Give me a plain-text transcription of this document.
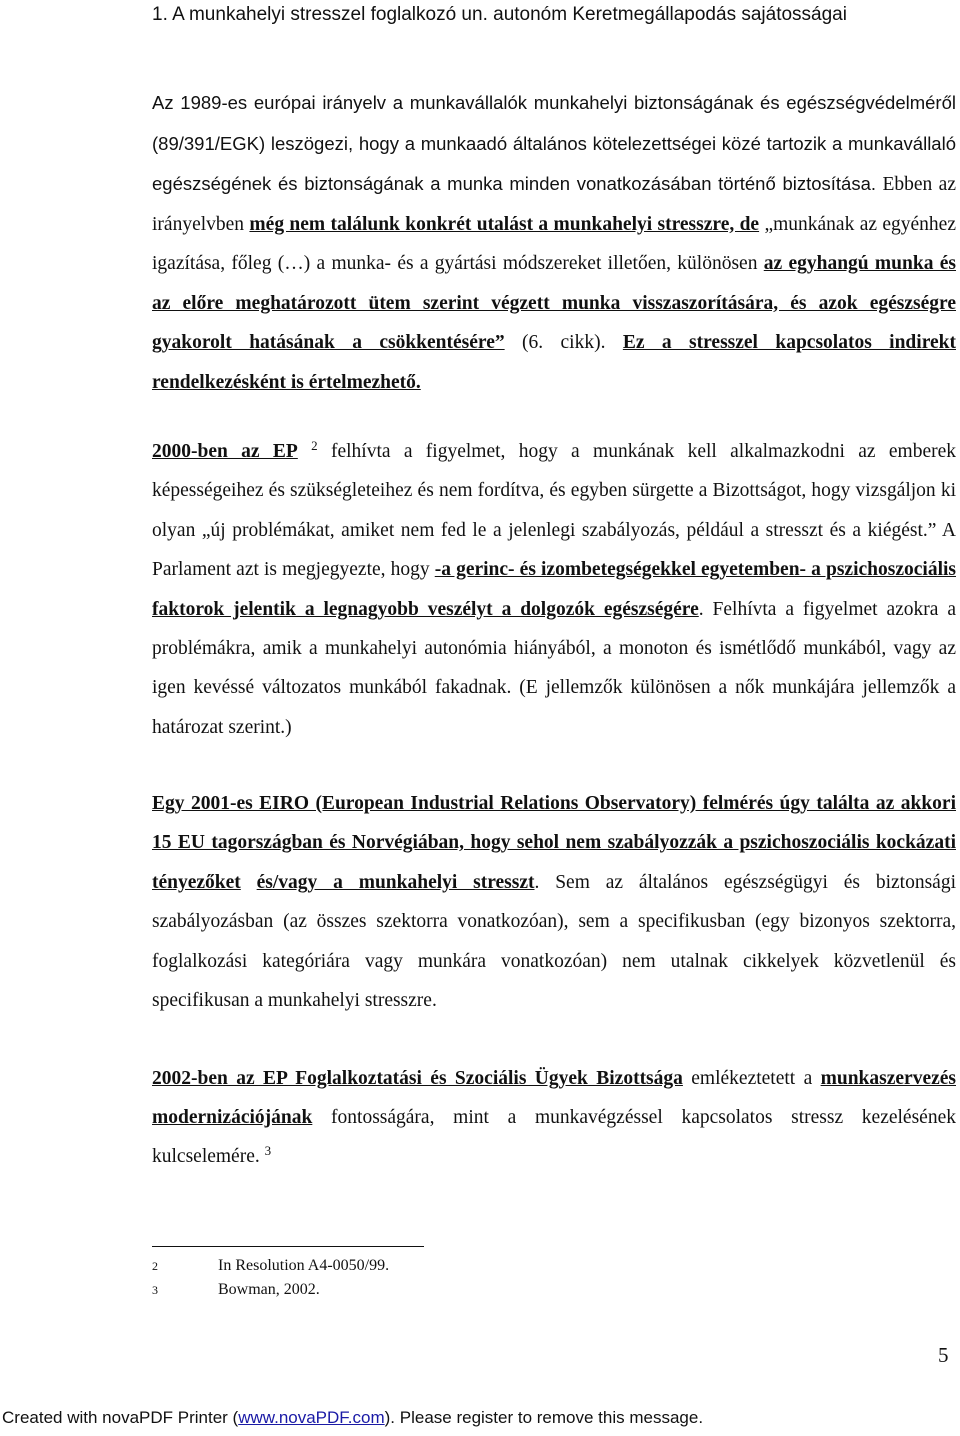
1. A munkahelyi stresszel foglalkozó un. autonóm Keretmegállapodás sajátosságai
Az 1989-es európai irányelv a munkavállalók munkahelyi biztonságának és egészségvédelméről (89/391/EGK) leszögezi, hogy a munkaadó általános kötelezettségei közé tartozik a munkavállaló egészségének és biztonságának a munka minden vonatkozásában történő biztosítása. Ebben az irányelvben még nem találunk konkrét utalást a munkahelyi stresszre, de „munkának az egyénhez igazítása, főleg (…) a munka- és a gyártási módszereket illetően, különösen az egyhangú munka és az előre meghatározott ütem szerint végzett munka visszaszorítására, és azok egészségre gyakorolt hatásának a csökkentésére” (6. cikk). Ez a stresszel kapcsolatos indirekt rendelkezésként is értelmezhető.
2000-ben az EP $^2$ felhívta a figyelmet, hogy a munkának kell alkalmazkodni az emberek képességeihez és szükségleteihez és nem fordítva, és egyben sürgette a Bizottságot, hogy vizsgáljon ki olyan „új problémákat, amiket nem fed le a jelenlegi szabályozás, például a stresszt és a kiégést.” A Parlament azt is megjegyezte, hogy -a gerinc- és izombetegségekkel egyetemben- a pszichoszociális faktorok jelentik a legnagyobb veszélyt a dolgozók egészségére. Felhívta a figyelmet azokra a problémákra, amik a munkahelyi autonómia hiányából, a monoton és ismétlődő munkából, vagy az igen kevéssé változatos munkából fakadnak. (E jellemzők különösen a nők munkájára jellemzők a határozat szerint.)
Egy 2001-es EIRO (European Industrial Relations Observatory) felmérés úgy találta az akkori 15 EU tagországban és Norvégiában, hogy sehol nem szabályozzák a pszichoszociális kockázati tényezőket és/vagy a munkahelyi stresszt. Sem az általános egészségügyi és biztonsági szabályozásban (az összes szektorra vonatkozóan), sem a specifikusban (egy bizonyos szektorra, foglalkozási kategóriára vagy munkára vonatkozóan) nem utalnak cikkelyek közvetlenül és specifikusan a munkahelyi stresszre.
2002-ben az EP Foglalkoztatási és Szociális Ügyek Bizottsága emlékeztetett a munkaszervezés modernizációjának fontosságára, mint a munkavégzéssel kapcsolatos stressz kezelésének kulcselemére. $^3$
2	In Resolution A4-0050/99.
3	Bowman, 2002.
5
Created with novaPDF Printer (www.novaPDF.com). Please register to remove this message.
